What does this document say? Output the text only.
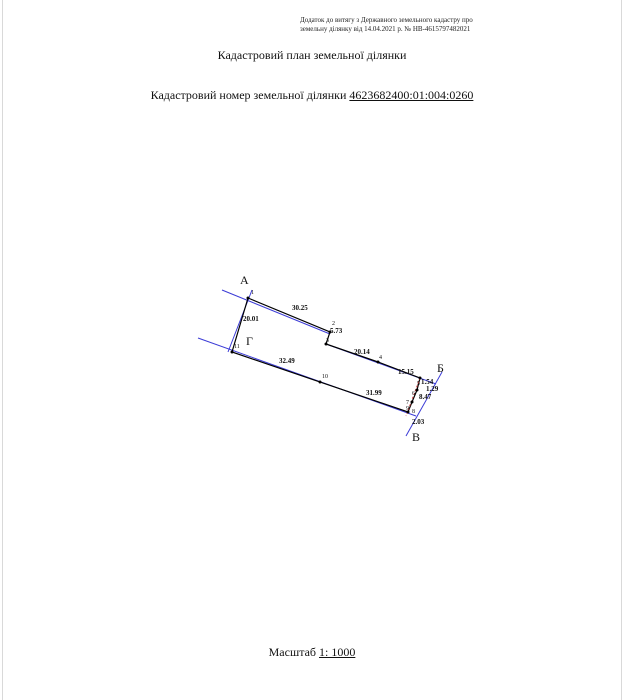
Додаток до витягу з Державного земельного кадастру про
земельну ділянку від 14.04.2021 р. № НВ-4615797482021
Кадастровий план земельної ділянки
Кадастровий номер земельної ділянки 4623682400:01:004:0260
А
Б
В
Г
30.25
5.73
20.14
15.15
1.54
1.29
8.47
2.03
31.99
32.49
20.01
1
2
3
4
5
6
7
8
9
10
11
Масштаб 1: 1000
